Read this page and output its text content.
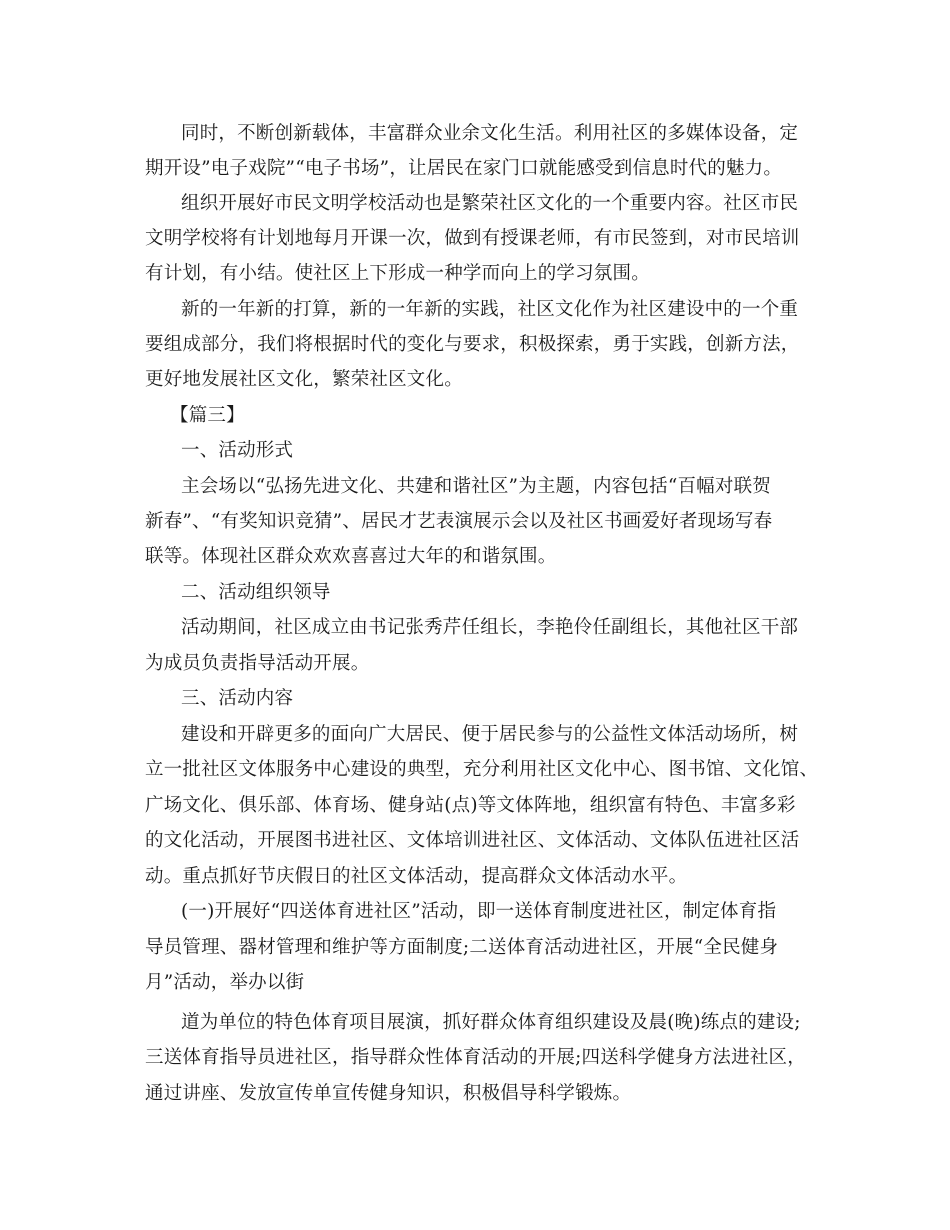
同时，不断创新载体，丰富群众业余文化生活。利用社区的多媒体设备，定
期开设”电子戏院”“电子书场”，让居民在家门口就能感受到信息时代的魅力。
组织开展好市民文明学校活动也是繁荣社区文化的一个重要内容。社区市民
文明学校将有计划地每月开课一次，做到有授课老师，有市民签到，对市民培训
有计划，有小结。使社区上下形成一种学而向上的学习氛围。
新的一年新的打算，新的一年新的实践，社区文化作为社区建设中的一个重
要组成部分，我们将根据时代的变化与要求，积极探索，勇于实践，创新方法，
更好地发展社区文化，繁荣社区文化。
【篇三】
一、活动形式
主会场以“弘扬先进文化、共建和谐社区”为主题，内容包括“百幅对联贺
新春”、“有奖知识竞猜”、居民才艺表演展示会以及社区书画爱好者现场写春
联等。体现社区群众欢欢喜喜过大年的和谐氛围。
二、活动组织领导
活动期间，社区成立由书记张秀芹任组长，李艳伶任副组长，其他社区干部
为成员负责指导活动开展。
三、活动内容
建设和开辟更多的面向广大居民、便于居民参与的公益性文体活动场所，树
立一批社区文体服务中心建设的典型，充分利用社区文化中心、图书馆、文化馆、
广场文化、俱乐部、体育场、健身站(点)等文体阵地，组织富有特色、丰富多彩
的文化活动，开展图书进社区、文体培训进社区、文体活动、文体队伍进社区活
动。重点抓好节庆假日的社区文体活动，提高群众文体活动水平。
(一)开展好“四送体育进社区”活动，即一送体育制度进社区，制定体育指
导员管理、器材管理和维护等方面制度;二送体育活动进社区，开展“全民健身
月”活动，举办以街
道为单位的特色体育项目展演，抓好群众体育组织建设及晨(晚)练点的建设;
三送体育指导员进社区，指导群众性体育活动的开展;四送科学健身方法进社区，
通过讲座、发放宣传单宣传健身知识，积极倡导科学锻炼。
